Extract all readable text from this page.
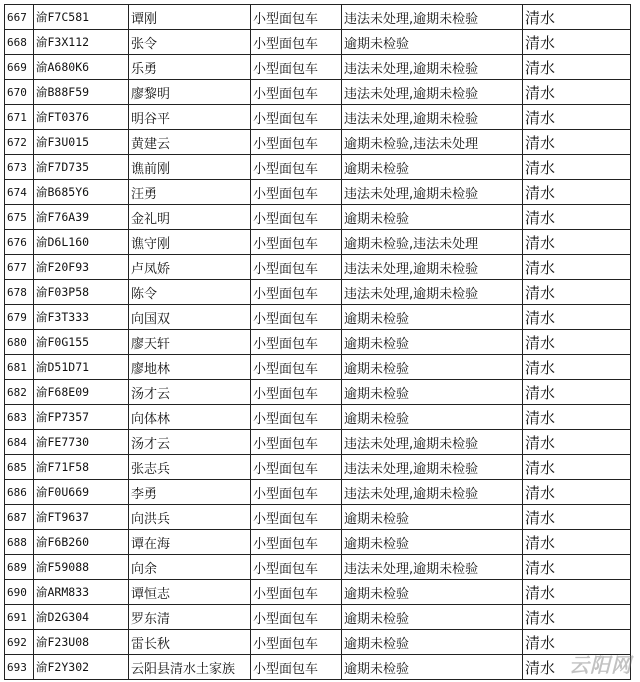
667	渝F7C581	谭刚	小型面包车	违法未处理,逾期未检验	清水
668	渝F3X112	张令	小型面包车	逾期未检验	清水
669	渝A680K6	乐勇	小型面包车	违法未处理,逾期未检验	清水
670	渝B88F59	廖黎明	小型面包车	违法未处理,逾期未检验	清水
671	渝FT0376	明谷平	小型面包车	违法未处理,逾期未检验	清水
672	渝F3U015	黄建云	小型面包车	逾期未检验,违法未处理	清水
673	渝F7D735	谯前刚	小型面包车	逾期未检验	清水
674	渝B685Y6	汪勇	小型面包车	违法未处理,逾期未检验	清水
675	渝F76A39	金礼明	小型面包车	逾期未检验	清水
676	渝D6L160	谯守刚	小型面包车	逾期未检验,违法未处理	清水
677	渝F20F93	卢凤娇	小型面包车	违法未处理,逾期未检验	清水
678	渝F03P58	陈令	小型面包车	违法未处理,逾期未检验	清水
679	渝F3T333	向国双	小型面包车	逾期未检验	清水
680	渝F0G155	廖天轩	小型面包车	逾期未检验	清水
681	渝D51D71	廖地林	小型面包车	逾期未检验	清水
682	渝F68E09	汤才云	小型面包车	逾期未检验	清水
683	渝FP7357	向体林	小型面包车	逾期未检验	清水
684	渝FE7730	汤才云	小型面包车	违法未处理,逾期未检验	清水
685	渝F71F58	张志兵	小型面包车	违法未处理,逾期未检验	清水
686	渝F0U669	李勇	小型面包车	违法未处理,逾期未检验	清水
687	渝FT9637	向洪兵	小型面包车	逾期未检验	清水
688	渝F6B260	谭在海	小型面包车	逾期未检验	清水
689	渝F59088	向余	小型面包车	违法未处理,逾期未检验	清水
690	渝ARM833	谭恒志	小型面包车	逾期未检验	清水
691	渝D2G304	罗东清	小型面包车	逾期未检验	清水
692	渝F23U08	雷长秋	小型面包车	逾期未检验	清水
693	渝F2Y302	云阳县清水土家族	小型面包车	逾期未检验	清水 云阳网
